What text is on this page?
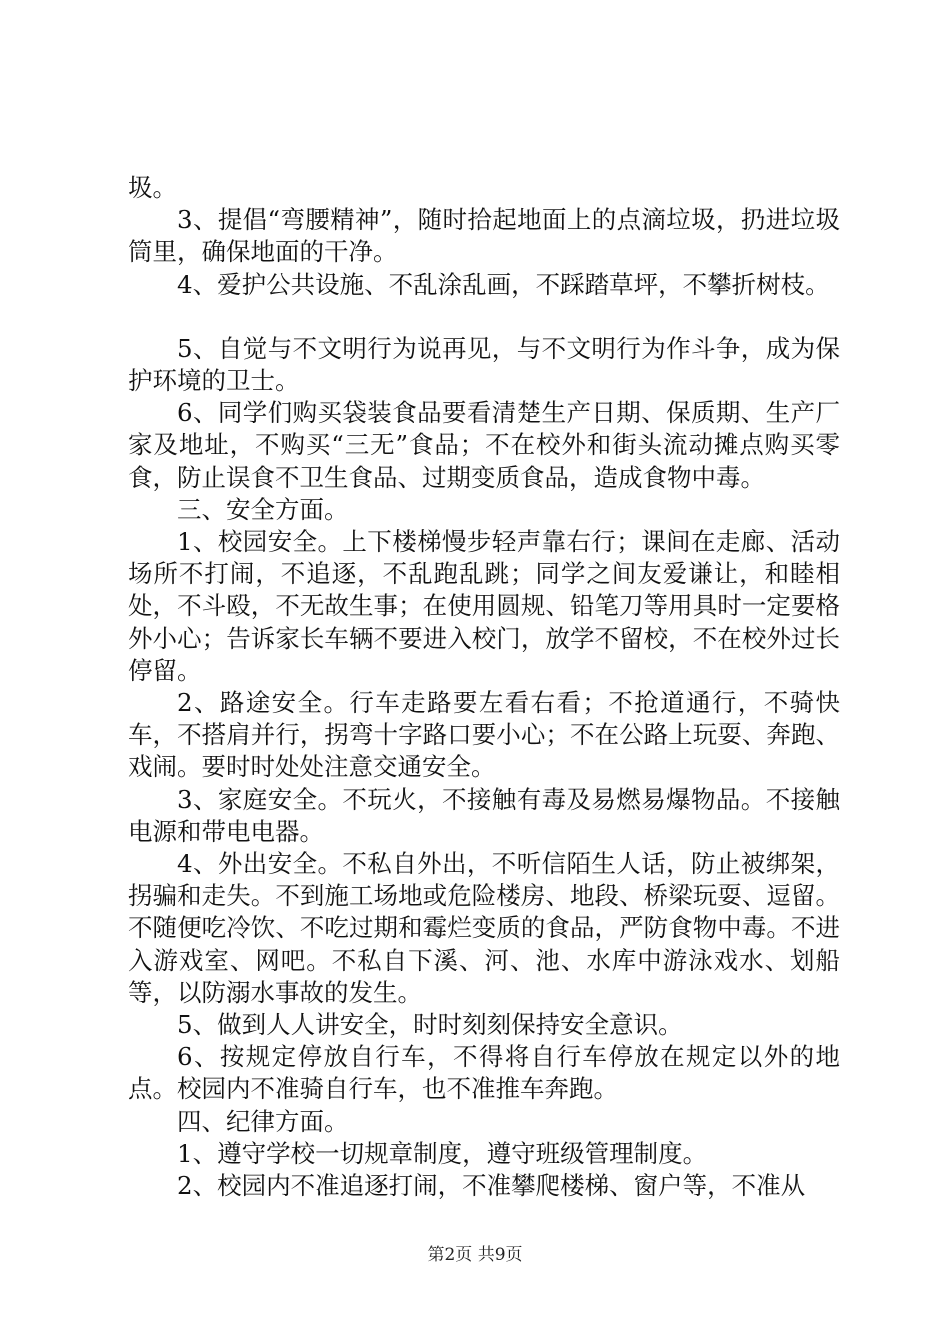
圾。

3、提倡“弯腰精神”，随时拾起地面上的点滴垃圾，扔进垃圾筒里，确保地面的干净。

4、爱护公共设施、不乱涂乱画，不踩踏草坪，不攀折树枝。

5、自觉与不文明行为说再见，与不文明行为作斗争，成为保护环境的卫士。

6、同学们购买袋装食品要看清楚生产日期、保质期、生产厂家及地址，不购买“三无”食品；不在校外和街头流动摊点购买零食，防止误食不卫生食品、过期变质食品，造成食物中毒。

三、安全方面。

1、校园安全。上下楼梯慢步轻声靠右行；课间在走廊、活动场所不打闹，不追逐，不乱跑乱跳；同学之间友爱谦让，和睦相处，不斗殴，不无故生事；在使用圆规、铅笔刀等用具时一定要格外小心；告诉家长车辆不要进入校门，放学不留校，不在校外过长停留。

2、路途安全。行车走路要左看右看；不抢道通行，不骑快车，不搭肩并行，拐弯十字路口要小心；不在公路上玩耍、奔跑、戏闹。要时时处处注意交通安全。

3、家庭安全。不玩火，不接触有毒及易燃易爆物品。不接触电源和带电电器。

4、外出安全。不私自外出，不听信陌生人话，防止被绑架，拐骗和走失。不到施工场地或危险楼房、地段、桥梁玩耍、逗留。不随便吃冷饮、不吃过期和霉烂变质的食品，严防食物中毒。不进入游戏室、网吧。不私自下溪、河、池、水库中游泳戏水、划船等，以防溺水事故的发生。

5、做到人人讲安全，时时刻刻保持安全意识。

6、按规定停放自行车，不得将自行车停放在规定以外的地点。校园内不准骑自行车，也不准推车奔跑。

四、纪律方面。

1、遵守学校一切规章制度，遵守班级管理制度。

2、校园内不准追逐打闹，不准攀爬楼梯、窗户等，不准从

第2页 共9页
